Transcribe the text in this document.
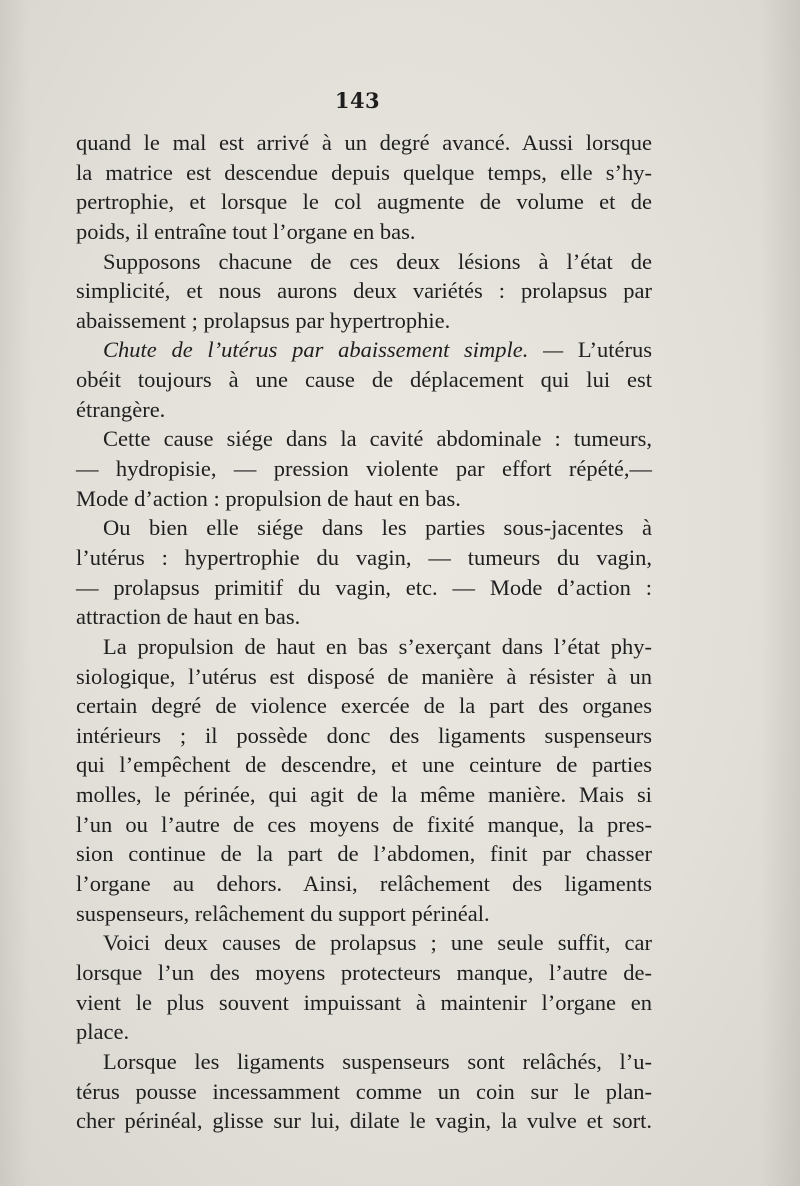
143
quand le mal est arrivé à un degré avancé. Aussi lorsque
la matrice est descendue depuis quelque temps, elle s’hy-
pertrophie, et lorsque le col augmente de volume et de
poids, il entraîne tout l’organe en bas.
Supposons chacune de ces deux lésions à l’état de
simplicité, et nous aurons deux variétés : prolapsus par
abaissement ; prolapsus par hypertrophie.
Chute de l’utérus par abaissement simple. — L’utérus
obéit toujours à une cause de déplacement qui lui est
étrangère.
Cette cause siége dans la cavité abdominale : tumeurs,
— hydropisie, — pression violente par effort répété,—
Mode d’action : propulsion de haut en bas.
Ou bien elle siége dans les parties sous-jacentes à
l’utérus : hypertrophie du vagin, — tumeurs du vagin,
— prolapsus primitif du vagin, etc. — Mode d’action :
attraction de haut en bas.
La propulsion de haut en bas s’exerçant dans l’état phy-
siologique, l’utérus est disposé de manière à résister à un
certain degré de violence exercée de la part des organes
intérieurs ; il possède donc des ligaments suspenseurs
qui l’empêchent de descendre, et une ceinture de parties
molles, le périnée, qui agit de la même manière. Mais si
l’un ou l’autre de ces moyens de fixité manque, la pres-
sion continue de la part de l’abdomen, finit par chasser
l’organe au dehors. Ainsi, relâchement des ligaments
suspenseurs, relâchement du support périnéal.
Voici deux causes de prolapsus ; une seule suffit, car
lorsque l’un des moyens protecteurs manque, l’autre de-
vient le plus souvent impuissant à maintenir l’organe en
place.
Lorsque les ligaments suspenseurs sont relâchés, l’u-
térus pousse incessamment comme un coin sur le plan-
cher périnéal, glisse sur lui, dilate le vagin, la vulve et sort.
